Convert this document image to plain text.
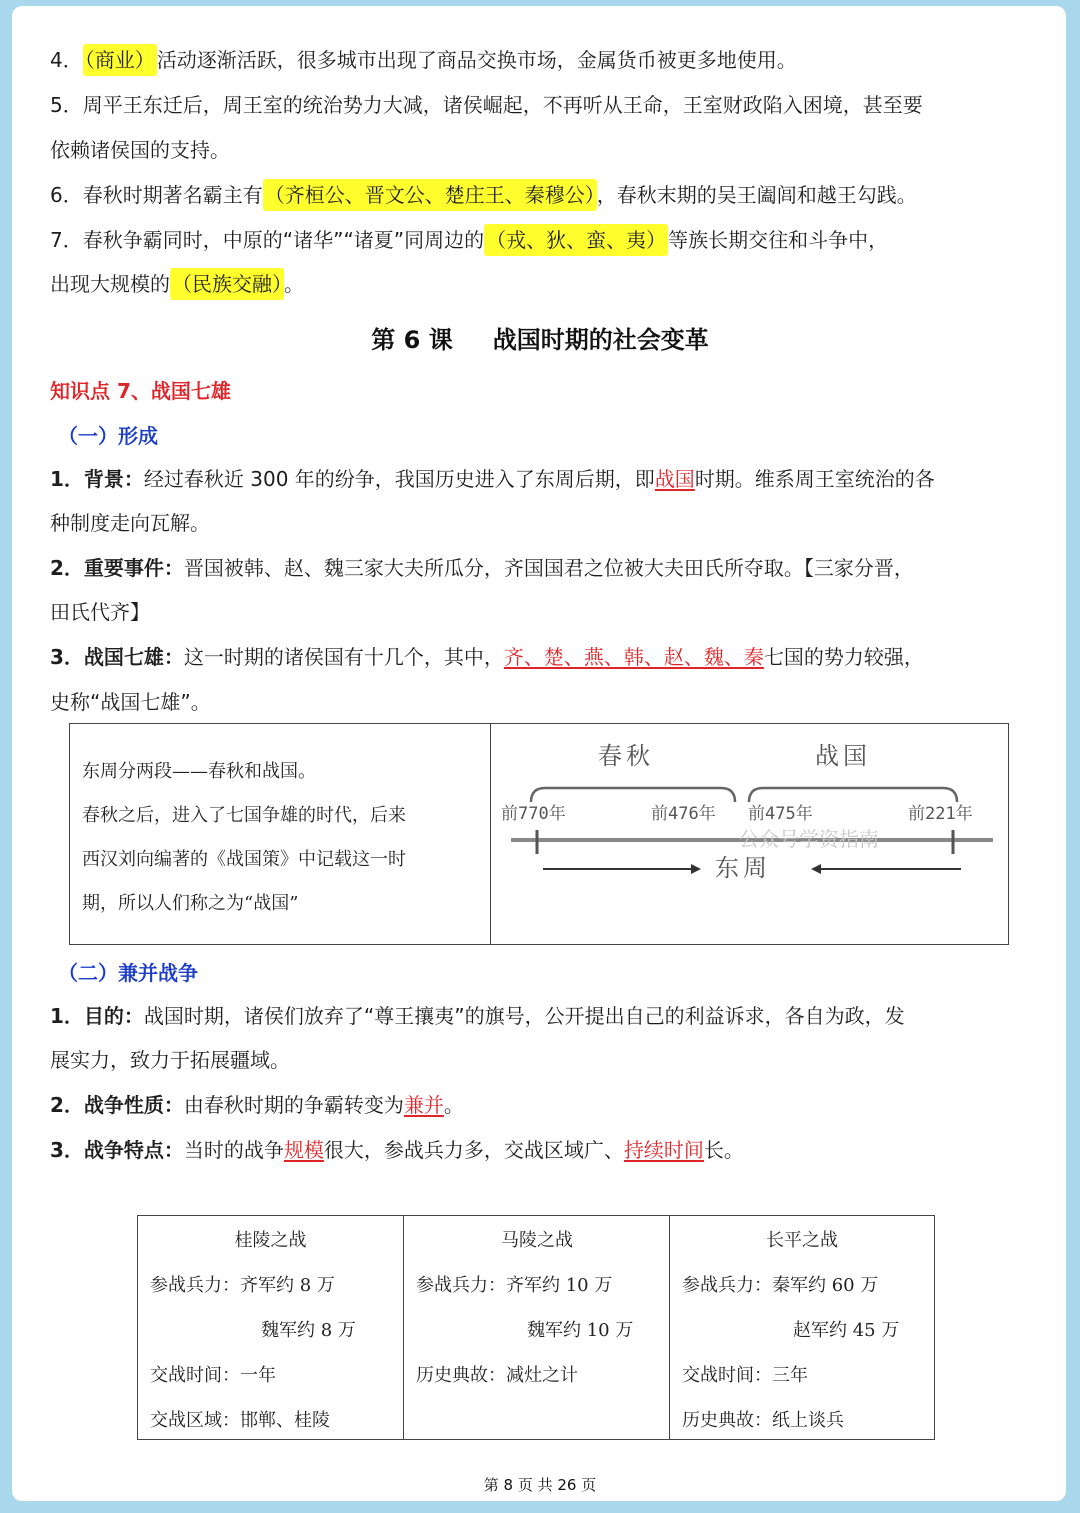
4． （商业） 活动逐渐活跃，很多城市出现了商品交换市场，金属货币被更多地使用。
5．周平王东迁后，周王室的统治势力大减，诸侯崛起，不再听从王命，王室财政陷入困境，甚至要
依赖诸侯国的支持。
6．春秋时期著名霸主有 （齐桓公、晋文公、楚庄王、秦穆公） ，春秋末期的吴王阖闾和越王勾践。
7．春秋争霸同时，中原的“诸华”“诸夏”同周边的 （戎、狄、蛮、夷） 等族长期交往和斗争中，
出现大规模的 （民族交融） 。
第 6 课 战国时期的社会变革
知识点 7、战国七雄
（一）形成
1．背景：经过春秋近 300 年的纷争，我国历史进入了东周后期，即战国时期。维系周王室统治的各
种制度走向瓦解。
2．重要事件：晋国被韩、赵、魏三家大夫所瓜分，齐国国君之位被大夫田氏所夺取。【三家分晋，
田氏代齐】
3．战国七雄：这一时期的诸侯国有十几个，其中，齐、楚、燕、韩、赵、魏、秦七国的势力较强，
史称“战国七雄”。
东周分两段——春秋和战国。
春秋之后，进入了七国争雄的时代，后来
西汉刘向编著的《战国策》中记载这一时
期，所以人们称之为“战国”
春秋	战国
前770年	前476年 前475年	前221年
公众号学资指南
东周
（二）兼并战争
1．目的：战国时期，诸侯们放弃了“尊王攘夷”的旗号，公开提出自己的利益诉求，各自为政，发
展实力，致力于拓展疆域。
2．战争性质：由春秋时期的争霸转变为兼并。
3．战争特点：当时的战争规模很大，参战兵力多，交战区域广、持续时间长。
桂陵之战
参战兵力：齐军约 8 万
魏军约 8 万
交战时间：一年
交战区域：邯郸、桂陵
马陵之战
参战兵力：齐军约 10 万
魏军约 10 万
历史典故：减灶之计
长平之战
参战兵力：秦军约 60 万
赵军约 45 万
交战时间：三年
历史典故：纸上谈兵
第 8 页 共 26 页
